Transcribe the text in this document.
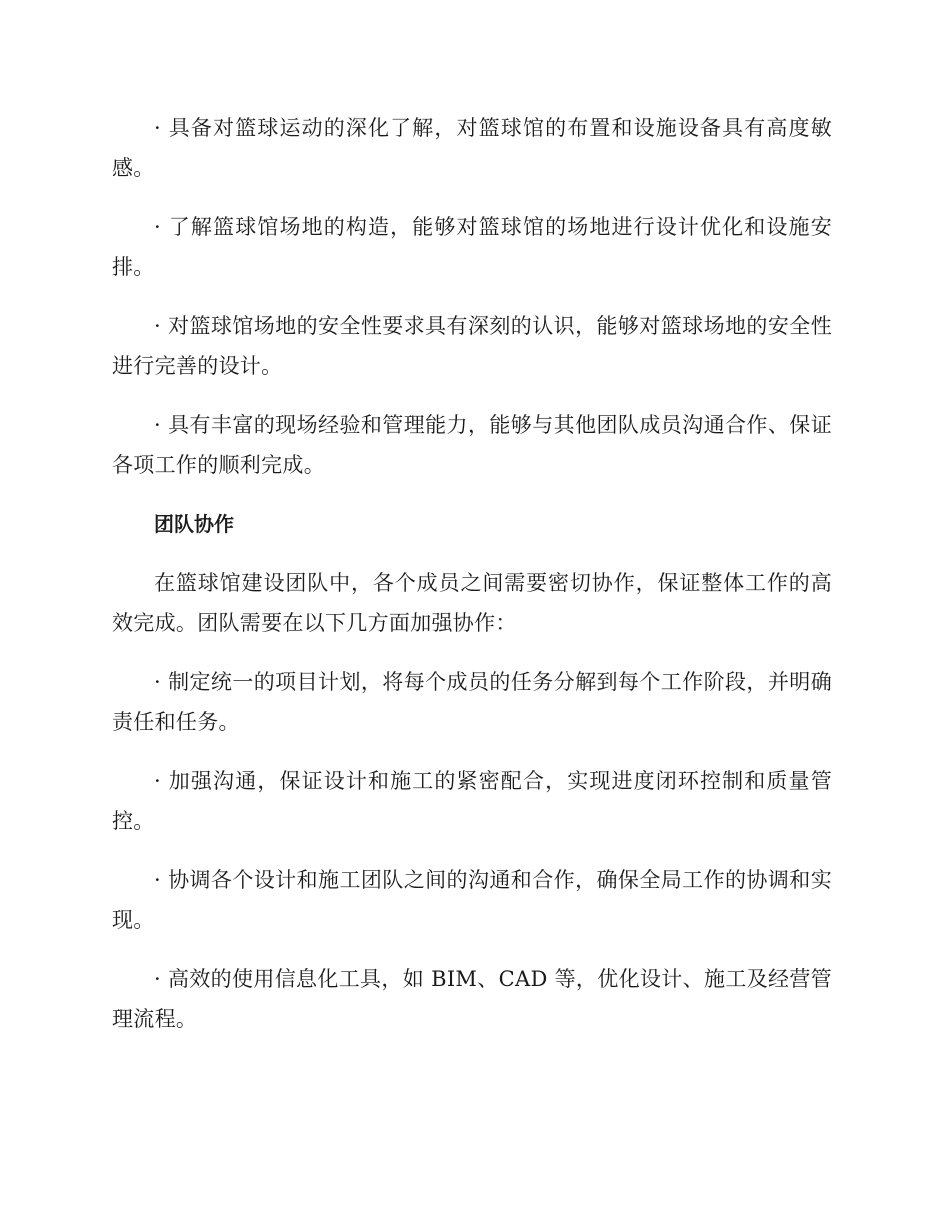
· 具备对篮球运动的深化了解，对篮球馆的布置和设施设备具有高度敏感。

· 了解篮球馆场地的构造，能够对篮球馆的场地进行设计优化和设施安排。

· 对篮球馆场地的安全性要求具有深刻的认识，能够对篮球场地的安全性进行完善的设计。

· 具有丰富的现场经验和管理能力，能够与其他团队成员沟通合作、保证各项工作的顺利完成。

团队协作

在篮球馆建设团队中，各个成员之间需要密切协作，保证整体工作的高效完成。团队需要在以下几方面加强协作：

· 制定统一的项目计划，将每个成员的任务分解到每个工作阶段，并明确责任和任务。

· 加强沟通，保证设计和施工的紧密配合，实现进度闭环控制和质量管控。

· 协调各个设计和施工团队之间的沟通和合作，确保全局工作的协调和实现。

· 高效的使用信息化工具，如 BIM、CAD 等，优化设计、施工及经营管理流程。
